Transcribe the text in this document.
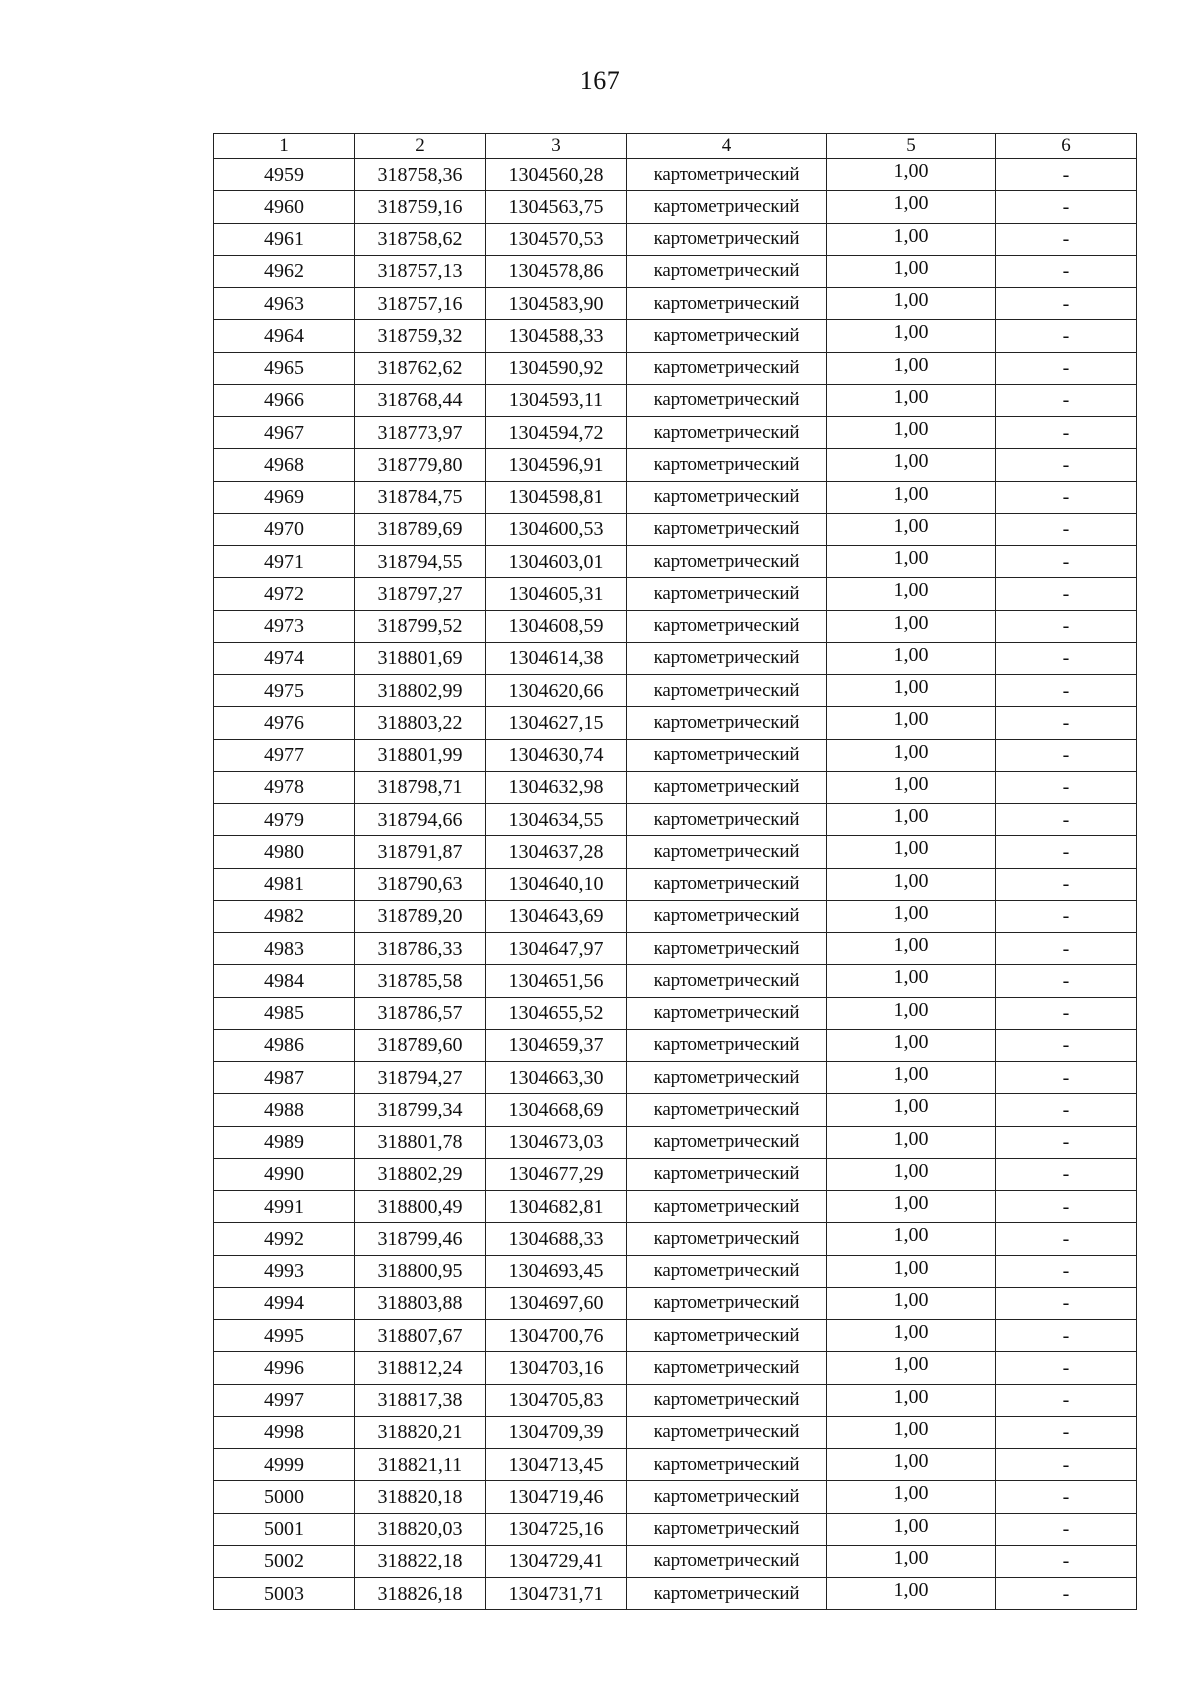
167
1	2	3	4	5	6
4959	318758,36	1304560,28	картометрический	1,00	-
4960	318759,16	1304563,75	картометрический	1,00	-
4961	318758,62	1304570,53	картометрический	1,00	-
4962	318757,13	1304578,86	картометрический	1,00	-
4963	318757,16	1304583,90	картометрический	1,00	-
4964	318759,32	1304588,33	картометрический	1,00	-
4965	318762,62	1304590,92	картометрический	1,00	-
4966	318768,44	1304593,11	картометрический	1,00	-
4967	318773,97	1304594,72	картометрический	1,00	-
4968	318779,80	1304596,91	картометрический	1,00	-
4969	318784,75	1304598,81	картометрический	1,00	-
4970	318789,69	1304600,53	картометрический	1,00	-
4971	318794,55	1304603,01	картометрический	1,00	-
4972	318797,27	1304605,31	картометрический	1,00	-
4973	318799,52	1304608,59	картометрический	1,00	-
4974	318801,69	1304614,38	картометрический	1,00	-
4975	318802,99	1304620,66	картометрический	1,00	-
4976	318803,22	1304627,15	картометрический	1,00	-
4977	318801,99	1304630,74	картометрический	1,00	-
4978	318798,71	1304632,98	картометрический	1,00	-
4979	318794,66	1304634,55	картометрический	1,00	-
4980	318791,87	1304637,28	картометрический	1,00	-
4981	318790,63	1304640,10	картометрический	1,00	-
4982	318789,20	1304643,69	картометрический	1,00	-
4983	318786,33	1304647,97	картометрический	1,00	-
4984	318785,58	1304651,56	картометрический	1,00	-
4985	318786,57	1304655,52	картометрический	1,00	-
4986	318789,60	1304659,37	картометрический	1,00	-
4987	318794,27	1304663,30	картометрический	1,00	-
4988	318799,34	1304668,69	картометрический	1,00	-
4989	318801,78	1304673,03	картометрический	1,00	-
4990	318802,29	1304677,29	картометрический	1,00	-
4991	318800,49	1304682,81	картометрический	1,00	-
4992	318799,46	1304688,33	картометрический	1,00	-
4993	318800,95	1304693,45	картометрический	1,00	-
4994	318803,88	1304697,60	картометрический	1,00	-
4995	318807,67	1304700,76	картометрический	1,00	-
4996	318812,24	1304703,16	картометрический	1,00	-
4997	318817,38	1304705,83	картометрический	1,00	-
4998	318820,21	1304709,39	картометрический	1,00	-
4999	318821,11	1304713,45	картометрический	1,00	-
5000	318820,18	1304719,46	картометрический	1,00	-
5001	318820,03	1304725,16	картометрический	1,00	-
5002	318822,18	1304729,41	картометрический	1,00	-
5003	318826,18	1304731,71	картометрический	1,00	-
